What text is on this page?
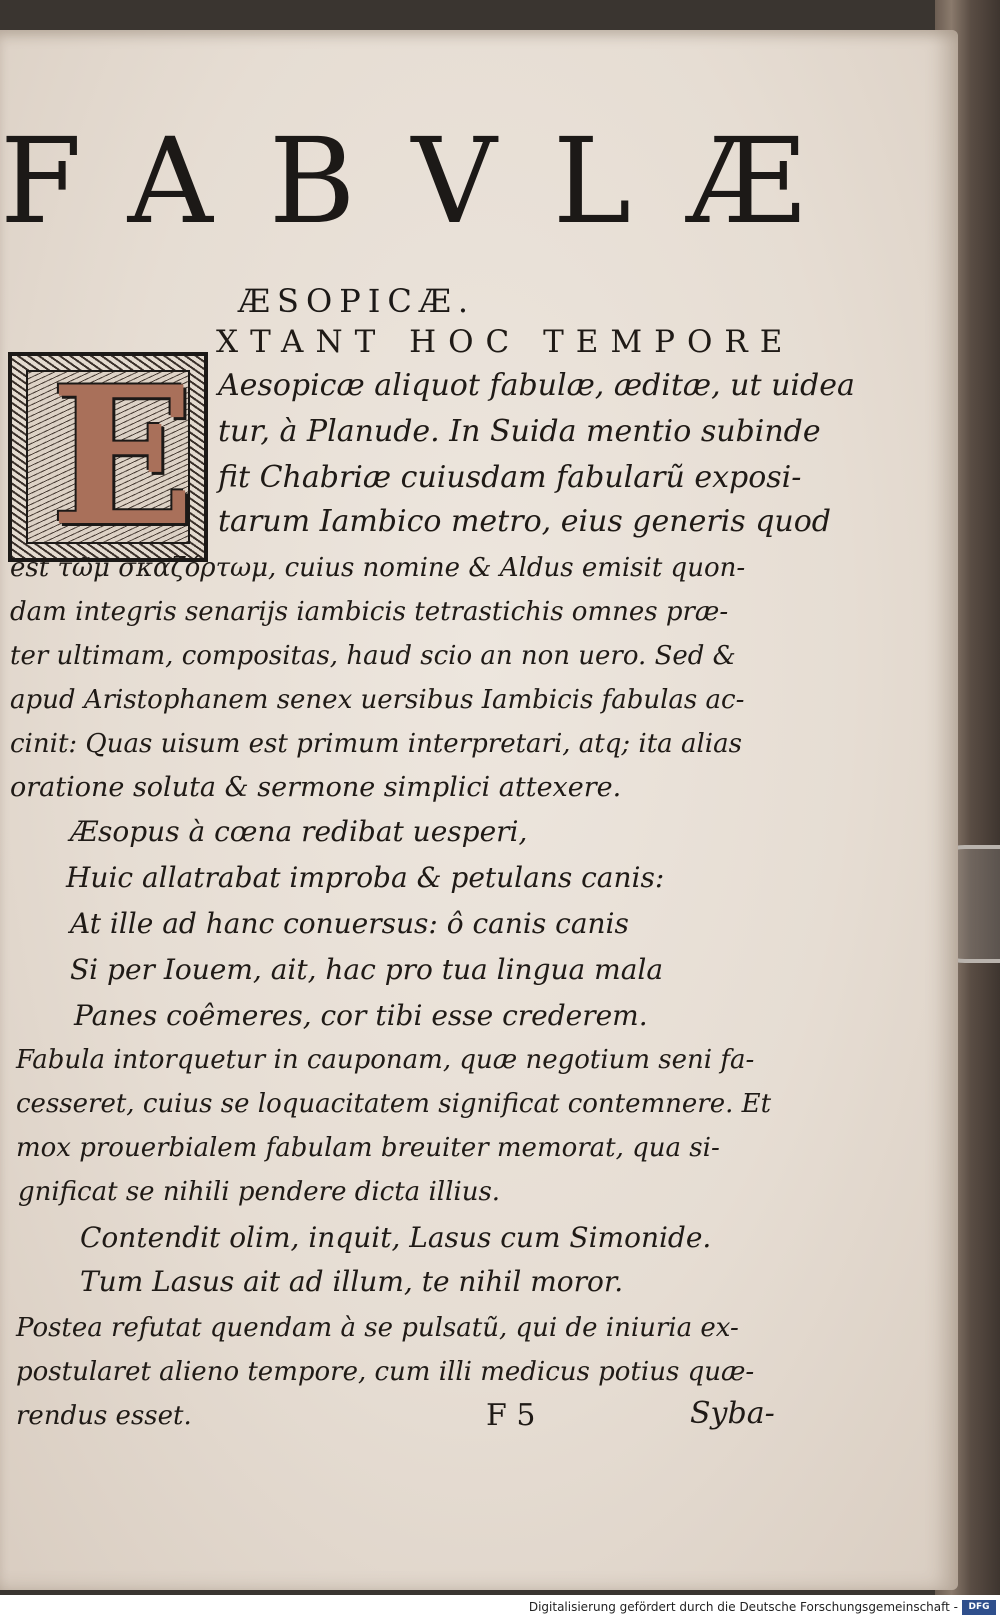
FABVLÆ
ÆSOPICÆ.
E
XTANT HOC TEMPORE
Aesopicæ aliquot fabulæ, æditæ, ut uidea
tur, à Planude. In Suida mentio subinde
fit Chabriæ cuiusdam fabularũ exposi-
tarum Iambico metro, eius generis quod
est τῶμ σκαζόρτωμ, cuius nomine & Aldus emisit quon-
dam integris senarijs iambicis tetrastichis omnes præ-
ter ultimam, compositas, haud scio an non uero. Sed &
apud Aristophanem senex uersibus Iambicis fabulas ac-
cinit: Quas uisum est primum interpretari, atq; ita alias
oratione soluta & sermone simplici attexere.
Æsopus à cœna redibat uesperi,
Huic allatrabat improba & petulans canis:
At ille ad hanc conuersus: ô canis canis
Si per Iouem, ait, hac pro tua lingua mala
Panes coêmeres, cor tibi esse crederem.
Fabula intorquetur in cauponam, quæ negotium seni fa-
cesseret, cuius se loquacitatem significat contemnere. Et
mox prouerbialem fabulam breuiter memorat, qua si-
gnificat se nihili pendere dicta illius.
Contendit olim, inquit, Lasus cum Simonide.
Tum Lasus ait ad illum, te nihil moror.
Postea refutat quendam à se pulsatũ, qui de iniuria ex-
postularet alieno tempore, cum illi medicus potius quæ-
rendus esset.	F 5	Syba-
Digitalisierung gefördert durch die Deutsche Forschungsgemeinschaft -	DFG
